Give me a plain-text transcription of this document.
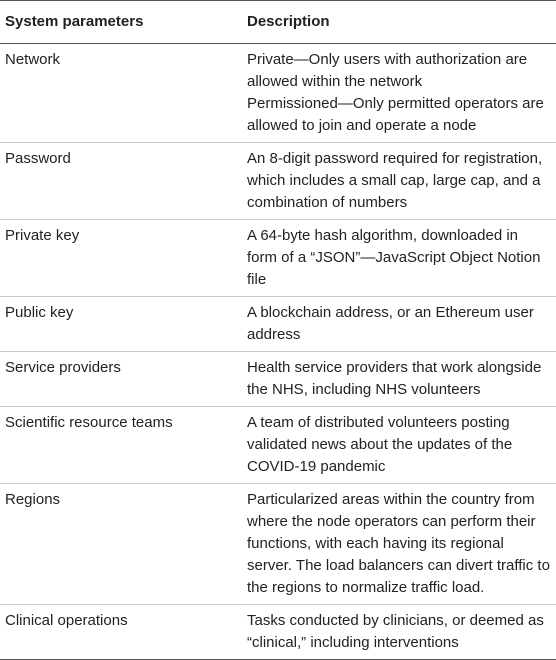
System parameters	Description
Network	Private—Only users with authorization are
allowed within the network
Permissioned—Only permitted operators are
allowed to join and operate a node

Password	An 8-digit password required for registration,
which includes a small cap, large cap, and a
combination of numbers

Private key	A 64-byte hash algorithm, downloaded in
form of a “JSON”—JavaScript Object Notion
file

Public key	A blockchain address, or an Ethereum user
address

Service providers	Health service providers that work alongside
the NHS, including NHS volunteers

Scientific resource teams	A team of distributed volunteers posting
validated news about the updates of the
COVID-19 pandemic

Regions	Particularized areas within the country from
where the node operators can perform their
functions, with each having its regional
server. The load balancers can divert traffic to
the regions to normalize traffic load.

Clinical operations	Tasks conducted by clinicians, or deemed as
“clinical,” including interventions
